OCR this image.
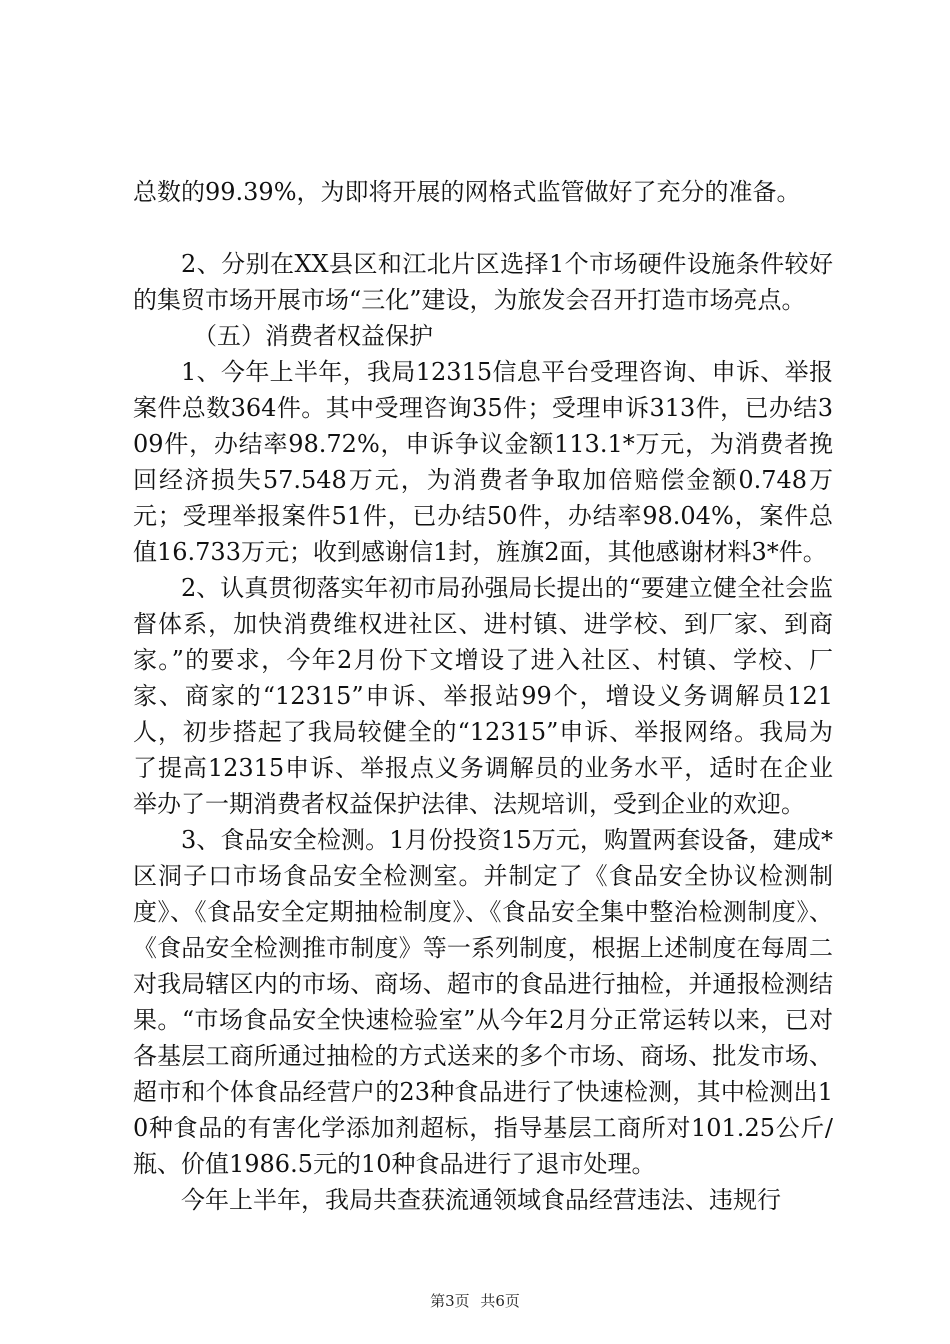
总数的99.39%，为即将开展的网格式监管做好了充分的准备。

2、分别在XX县区和江北片区选择1个市场硬件设施条件较好的集贸市场开展市场“三化”建设，为旅发会召开打造市场亮点。

（五）消费者权益保护

1、今年上半年，我局12315信息平台受理咨询、申诉、举报案件总数364件。其中受理咨询35件；受理申诉313件，已办结309件，办结率98.72%，申诉争议金额113.1*万元，为消费者挽回经济损失57.548万元，为消费者争取加倍赔偿金额0.748万元；受理举报案件51件，已办结50件，办结率98.04%，案件总值16.733万元；收到感谢信1封，旌旗2面，其他感谢材料3*件。

2、认真贯彻落实年初市局孙强局长提出的“要建立健全社会监督体系，加快消费维权进社区、进村镇、进学校、到厂家、到商家。”的要求，今年2月份下文增设了进入社区、村镇、学校、厂家、商家的“12315”申诉、举报站99个，增设义务调解员121人，初步搭起了我局较健全的“12315”申诉、举报网络。我局为了提高12315申诉、举报点义务调解员的业务水平，适时在企业举办了一期消费者权益保护法律、法规培训，受到企业的欢迎。

3、食品安全检测。1月份投资15万元，购置两套设备，建成*区洞子口市场食品安全检测室。并制定了《食品安全协议检测制度》、《食品安全定期抽检制度》、《食品安全集中整治检测制度》、《食品安全检测推市制度》等一系列制度，根据上述制度在每周二对我局辖区内的市场、商场、超市的食品进行抽检，并通报检测结果。“市场食品安全快速检验室”从今年2月分正常运转以来，已对各基层工商所通过抽检的方式送来的多个市场、商场、批发市场、超市和个体食品经营户的23种食品进行了快速检测，其中检测出10种食品的有害化学添加剂超标，指导基层工商所对101.25公斤/瓶、价值1986.5元的10种食品进行了退市处理。

今年上半年，我局共查获流通领域食品经营违法、违规行

第3页 共6页
